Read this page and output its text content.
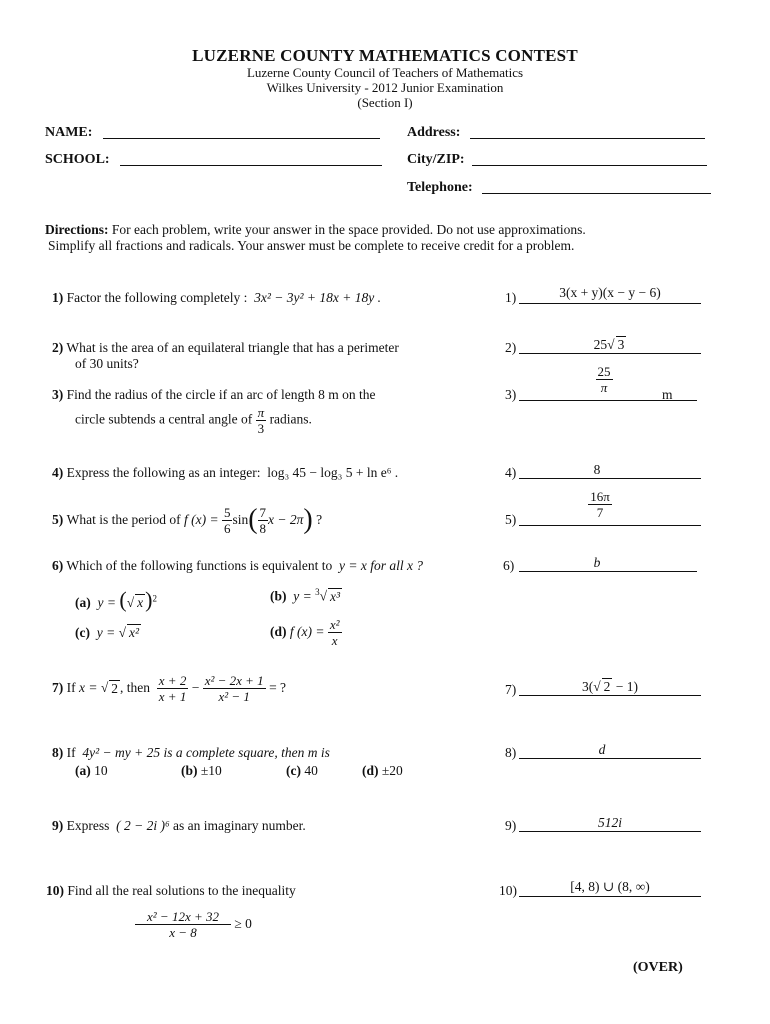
LUZERNE COUNTY MATHEMATICS CONTEST
Luzerne County Council of Teachers of Mathematics
Wilkes University - 2012 Junior Examination
(Section I)
NAME:
SCHOOL:
Address:
City/ZIP:
Telephone:
Directions: For each problem, write your answer in the space provided. Do not use approximations.
Simplify all fractions and radicals. Your answer must be complete to receive credit for a problem.
1) Factor the following completely : 3x² − 3y² + 18x + 18y .	1)	3(x + y)(x − y − 6)
2) What is the area of an equilateral triangle that has a perimeter
of 30 units?
2)	25√ 3
3) Find the radius of the circle if an arc of length 8 m on the
circle subtends a central angle of $\frac{\pi}{3}$ radians.
3)	$\frac{25}{\pi}$	m
4) Express the following as an integer: log₃ 45 − log₃ 5 + ln e⁶ .	4)	8
5)
What is the period of
f (x) =
$\frac{5}{6}$ sin ( $\frac{7}{8}$ x − 2π )
?	5)	$\frac{16\pi}{7}$
6) Which of the following functions is equivalent to y = x for all x ?	6)	b
(a) y = (√ x)$^2$	(b) y = $^3$√ x³
(c) y = √ x²	(d)
f (x) =
$\frac{\text{x²}}{x}$
7)
If
x = √ 2 , then
$\frac{x + 2}{x + 1}$
−
$\frac{\text{x² − 2x + 1}}{\text{x² − 1}}$
= ?	7)	3(√ 2 − 1)
8) If 4y² − my + 25 is a complete square, then m is
(a) 10	(b) ±10	(c) 40	(d) ±20
8)	d
9) Express ( 2 − 2i )⁶ as an imaginary number.	9)	512i
10) Find all the real solutions to the inequality
$\frac{\text{x² − 12x + 32}}{x - 8}$
≥ 0
10)	[4, 8) ∪ (8, ∞)
(OVER)
